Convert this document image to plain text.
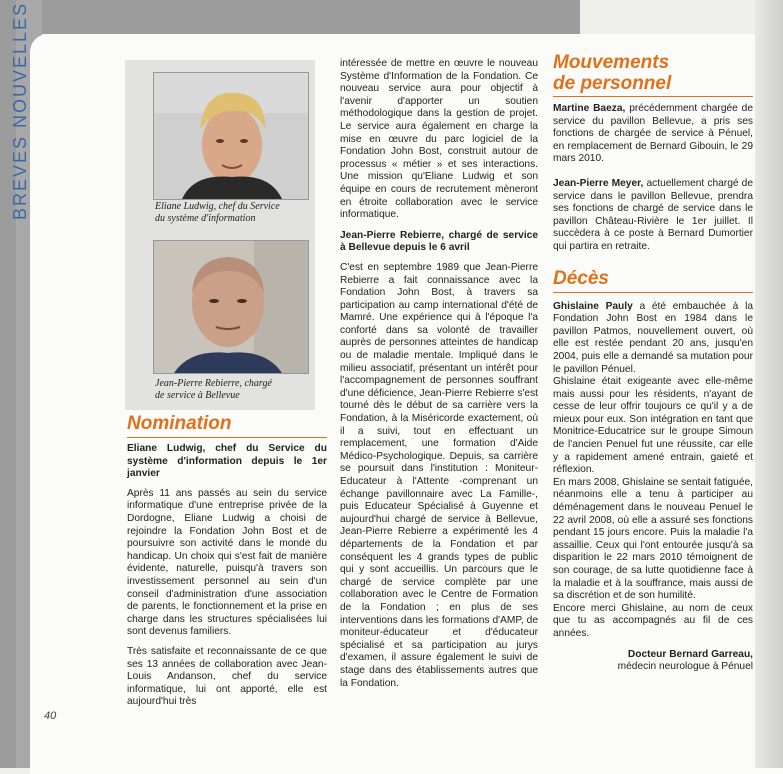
BREVES NOUVELLES
40
Eliane Ludwig, chef du Service
du système d'information
Jean-Pierre Rebierre, chargé
de service à Bellevue
Nomination

Eliane Ludwig, chef du Service du système d'information depuis le 1er janvier

Après 11 ans passés au sein du service informatique d'une entreprise privée de la Dordogne, Eliane Ludwig a choisi de rejoindre la Fondation John Bost et de poursuivre son activité dans le monde du handicap. Un choix qui s'est fait de manière évidente, naturelle, puisqu'à travers son investissement personnel au sein d'un conseil d'administration d'une association de parents, le fonctionnement et la prise en charge dans les structures spécialisées lui sont devenus familiers.

Très satisfaite et reconnaissante de ce que ses 13 années de collaboration avec Jean-Louis Andanson, chef du service informatique, lui ont apporté, elle est aujourd'hui très

intéressée de mettre en œuvre le nouveau Système d'Information de la Fondation. Ce nouveau service aura pour objectif à l'avenir d'apporter un soutien méthodologique dans la gestion de projet. Le service aura également en charge la mise en œuvre du parc logiciel de la Fondation John Bost, construit autour de processus « métier » et ses interactions. Une mission qu'Eliane Ludwig et son équipe en cours de recrutement mèneront en étroite collaboration avec le service informatique.

Jean-Pierre Rebierre, chargé de service à Bellevue depuis le 6 avril

C'est en septembre 1989 que Jean-Pierre Rebierre a fait connaissance avec la Fondation John Bost, à travers sa participation au camp international d'été de Mamré. Une expérience qui à l'époque l'a conforté dans sa volonté de travailler auprès de personnes atteintes de handicap ou de maladie mentale. Impliqué dans le milieu associatif, présentant un intérêt pour l'accompagnement de personnes souffrant d'une déficience, Jean-Pierre Rebierre s'est tourné dès le début de sa carrière vers la Fondation, à la Miséricorde exactement, où il a suivi, tout en effectuant un remplacement, une formation d'Aide Médico-Psychologique. Depuis, sa carrière se poursuit dans l'institution : Moniteur-Educateur à l'Attente -comprenant un échange pavillonnaire avec La Famille-, puis Educateur Spécialisé à Guyenne et aujourd'hui chargé de service à Bellevue, Jean-Pierre Rebierre a expérimenté les 4 départements de la Fondation et par conséquent les 4 grands types de public qui y sont accueillis. Un parcours que le chargé de service complète par une collaboration avec le Centre de Formation de la Fondation ; en plus de ses interventions dans les formations d'AMP, de moniteur-éducateur et d'éducateur spécialisé et sa participation au jurys d'examen, il assure également le suivi de stage dans des établissements autres que la Fondation.

Mouvements
de personnel

Martine Baeza, précédemment chargée de service du pavillon Bellevue, a pris ses fonctions de chargée de service à Pénuel, en remplacement de Bernard Gibouin, le 29 mars 2010.

Jean-Pierre Meyer, actuellement chargé de service dans le pavillon Bellevue, prendra ses fonctions de chargé de service dans le pavillon Château-Rivière le 1er juillet. Il succèdera à ce poste à Bernard Dumortier qui partira en retraite.

Décès

Ghislaine Pauly a été embauchée à la Fondation John Bost en 1984 dans le pavillon Patmos, nouvellement ouvert, où elle est restée pendant 20 ans, jusqu'en 2004, puis elle a demandé sa mutation pour le pavillon Pénuel.

Ghislaine était exigeante avec elle-même mais aussi pour les résidents, n'ayant de cesse de leur offrir toujours ce qu'il y a de mieux pour eux. Son intégration en tant que Monitrice-Educatrice sur le groupe Simoun de l'ancien Penuel fut une réussite, car elle y a rapidement amené entrain, gaieté et réflexion.

En mars 2008, Ghislaine se sentait fatiguée, néanmoins elle a tenu à participer au déménagement dans le nouveau Penuel le 22 avril 2008, où elle a assuré ses fonctions pendant 15 jours encore. Puis la maladie l'a assaillie. Ceux qui l'ont entourée jusqu'à sa disparition le 22 mars 2010 témoignent de son courage, de sa lutte quotidienne face à la maladie et à la souffrance, mais aussi de sa discrétion et de son humilité.

Encore merci Ghislaine, au nom de ceux que tu as accompagnés au fil de ces années.

Docteur Bernard Garreau,
médecin neurologue à Pénuel
